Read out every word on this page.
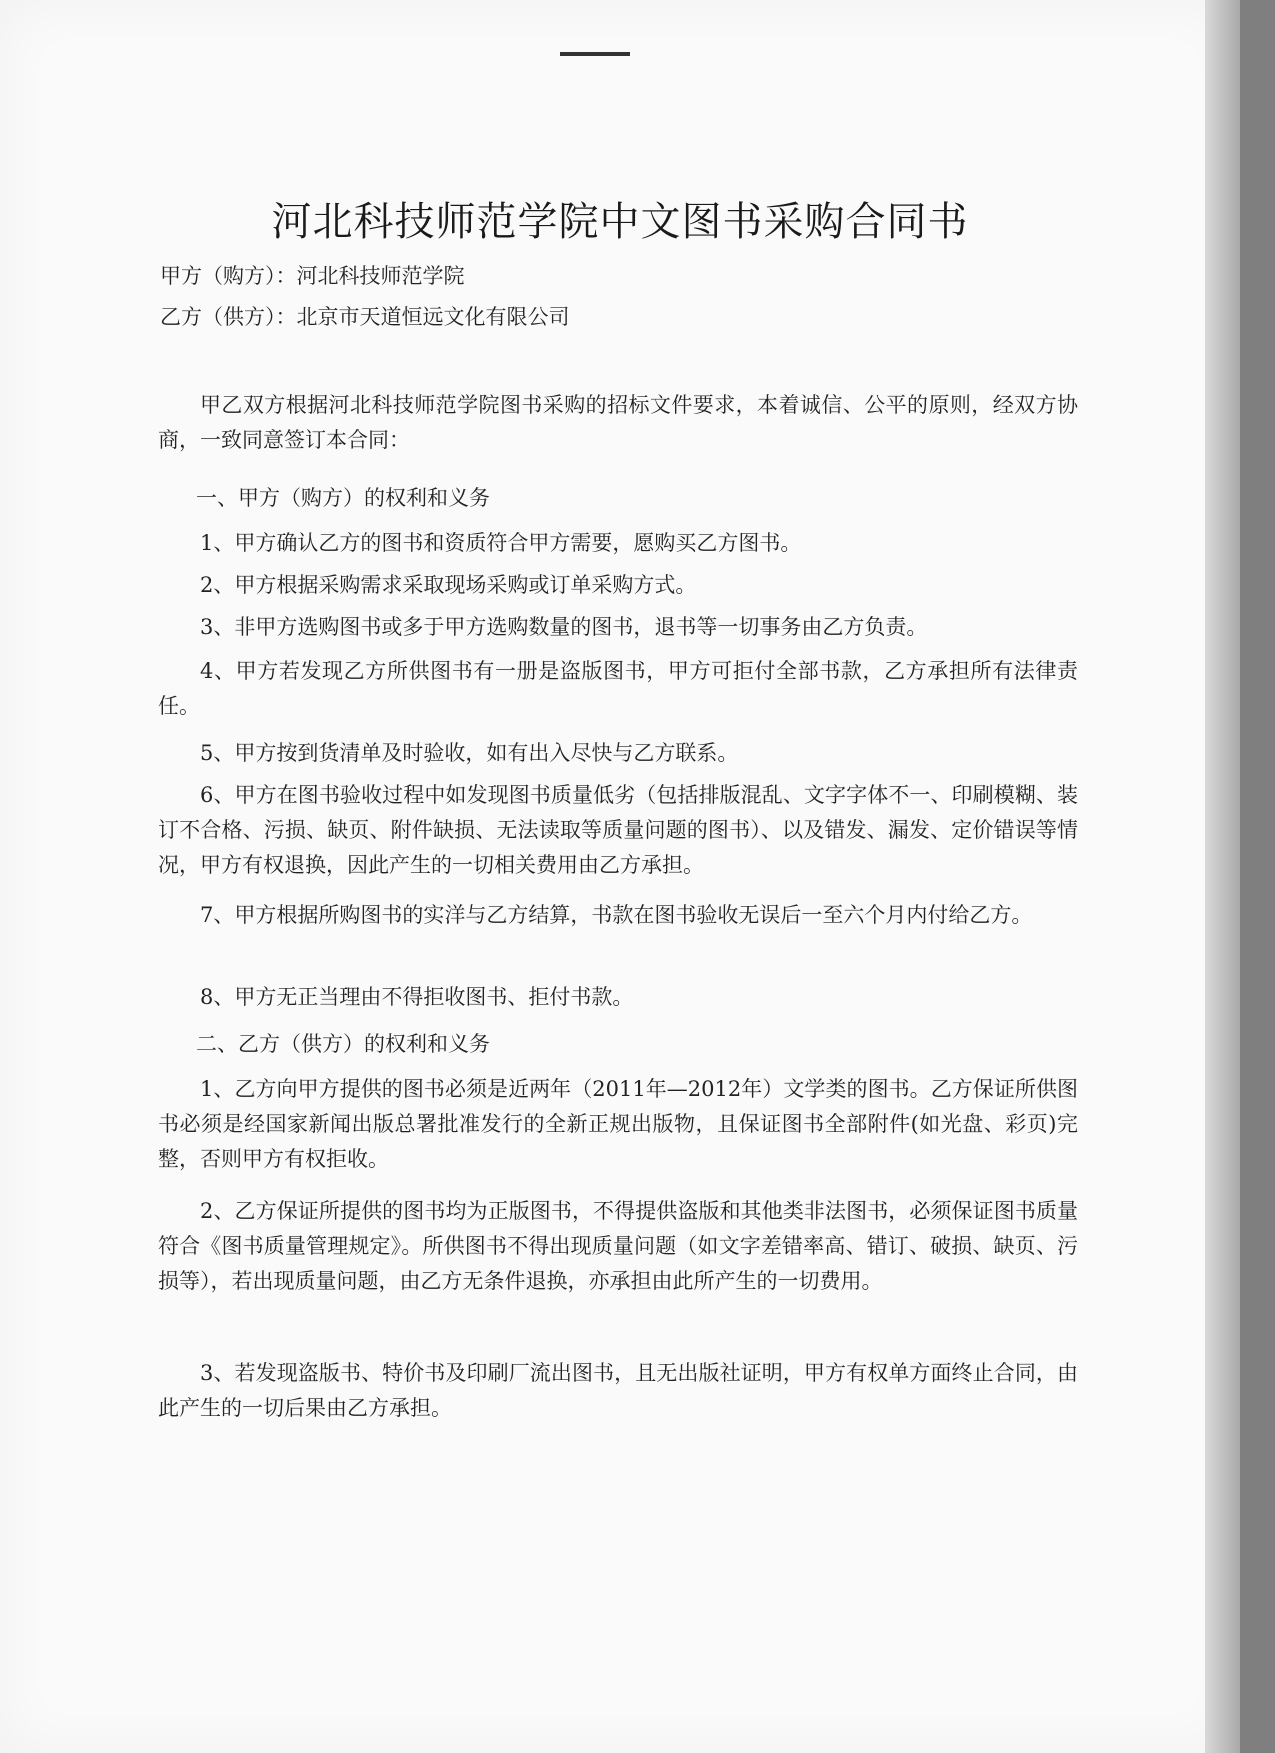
河北科技师范学院中文图书采购合同书
甲方（购方）：河北科技师范学院
乙方（供方）：北京市天道恒远文化有限公司
甲乙双方根据河北科技师范学院图书采购的招标文件要求，本着诚信、公平的原则，经双方协商，一致同意签订本合同：
一、甲方（购方）的权利和义务
1、甲方确认乙方的图书和资质符合甲方需要，愿购买乙方图书。
2、甲方根据采购需求采取现场采购或订单采购方式。
3、非甲方选购图书或多于甲方选购数量的图书，退书等一切事务由乙方负责。
4、甲方若发现乙方所供图书有一册是盗版图书，甲方可拒付全部书款，乙方承担所有法律责任。
5、甲方按到货清单及时验收，如有出入尽快与乙方联系。
6、甲方在图书验收过程中如发现图书质量低劣（包括排版混乱、文字字体不一、印刷模糊、装订不合格、污损、缺页、附件缺损、无法读取等质量问题的图书）、以及错发、漏发、定价错误等情况，甲方有权退换，因此产生的一切相关费用由乙方承担。
7、甲方根据所购图书的实洋与乙方结算，书款在图书验收无误后一至六个月内付给乙方。
8、甲方无正当理由不得拒收图书、拒付书款。
二、乙方（供方）的权利和义务
1、乙方向甲方提供的图书必须是近两年（2011年—2012年）文学类的图书。乙方保证所供图书必须是经国家新闻出版总署批准发行的全新正规出版物，且保证图书全部附件(如光盘、彩页)完整，否则甲方有权拒收。
2、乙方保证所提供的图书均为正版图书，不得提供盗版和其他类非法图书，必须保证图书质量符合《图书质量管理规定》。所供图书不得出现质量问题（如文字差错率高、错订、破损、缺页、污损等），若出现质量问题，由乙方无条件退换，亦承担由此所产生的一切费用。
3、若发现盗版书、特价书及印刷厂流出图书，且无出版社证明，甲方有权单方面终止合同，由此产生的一切后果由乙方承担。
